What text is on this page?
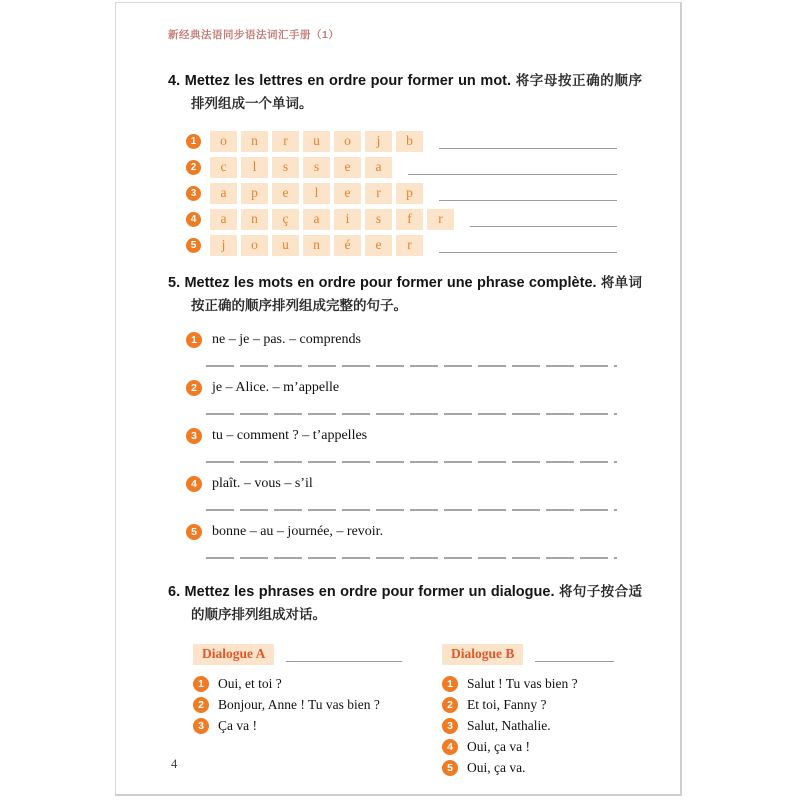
新经典法语同步语法词汇手册（1）
4. Mettez les lettres en ordre pour former un mot. 将字母按正确的顺序排列组成一个单词。
1	o	n	r	u	o	j	b
2	c	l	s	s	e	a
3	a	p	e	l	e	r	p
4	a	n	ç	a	i	s	f	r
5	j	o	u	n	é	e	r
5. Mettez les mots en ordre pour former une phrase complète. 将单词按正确的顺序排列组成完整的句子。
1	ne – je – pas. – comprends
2	je – Alice. – m’appelle
3	tu – comment ? – t’appelles
4	plaît. – vous – s’il
5	bonne – au – journée, – revoir.
6. Mettez les phrases en ordre pour former un dialogue. 将句子按合适的顺序排列组成对话。
Dialogue A
1	Oui, et toi ?
2	Bonjour, Anne ! Tu vas bien ?
3	Ça va !
Dialogue B
1	Salut ! Tu vas bien ?
2	Et toi, Fanny ?
3	Salut, Nathalie.
4	Oui, ça va !
5	Oui, ça va.
4
